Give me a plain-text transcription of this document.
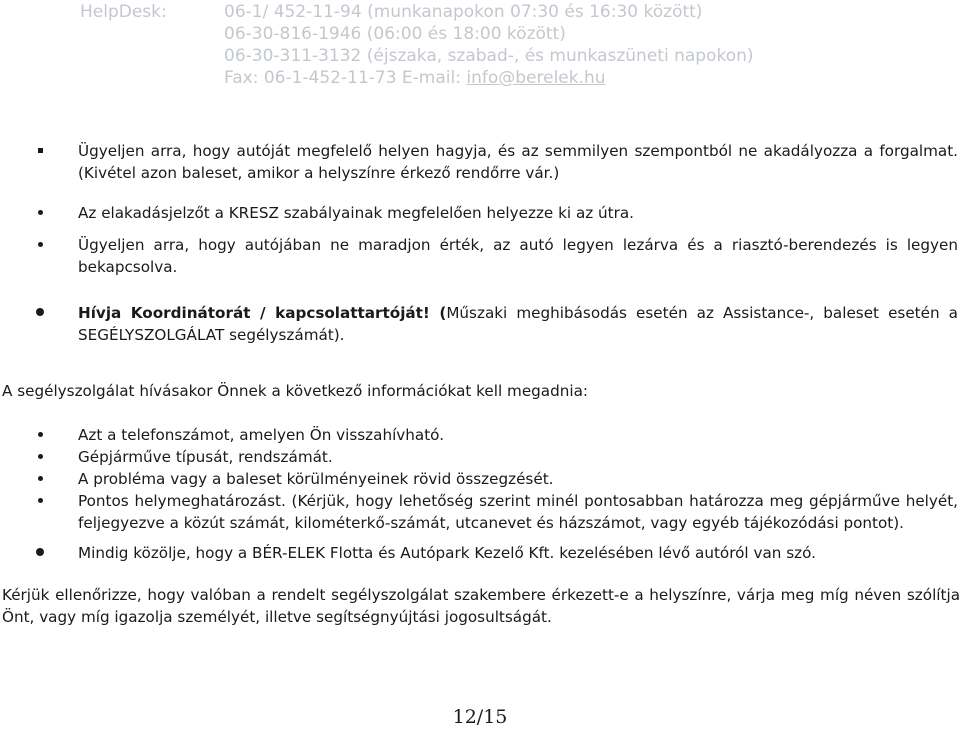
HelpDesk:	06-1/ 452-11-94 (munkanapokon 07:30 és 16:30 között)
06-30-816-1946 (06:00 és 18:00 között)
06-30-311-3132 (éjszaka, szabad-, és munkaszüneti napokon)
Fax: 06-1-452-11-73 E-mail: info@berelek.hu
Ügyeljen arra, hogy autóját megfelelő helyen hagyja, és az semmilyen szempontból ne akadályozza a forgalmat. (Kivétel azon baleset, amikor a helyszínre érkező rendőrre vár.)
Az elakadásjelzőt a KRESZ szabályainak megfelelően helyezze ki az útra.
Ügyeljen arra, hogy autójában ne maradjon érték, az autó legyen lezárva és a riasztó-berendezés is legyen bekapcsolva.
Hívja Koordinátorát / kapcsolattartóját! (Műszaki meghibásodás esetén az Assistance-, baleset esetén a SEGÉLYSZOLGÁLAT segélyszámát).
A segélyszolgálat hívásakor Önnek a következő információkat kell megadnia:
Azt a telefonszámot, amelyen Ön visszahívható.
Gépjárműve típusát, rendszámát.
A probléma vagy a baleset körülményeinek rövid összegzését.
Pontos helymeghatározást. (Kérjük, hogy lehetőség szerint minél pontosabban határozza meg gépjárműve helyét, feljegyezve a közút számát, kilométerkő-számát, utcanevet és házszámot, vagy egyéb tájékozódási pontot).
Mindig közölje, hogy a BÉR-ELEK Flotta és Autópark Kezelő Kft. kezelésében lévő autóról van szó.
Kérjük ellenőrizze, hogy valóban a rendelt segélyszolgálat szakembere érkezett-e a helyszínre, várja meg míg néven szólítja Önt, vagy míg igazolja személyét, illetve segítségnyújtási jogosultságát.
12/15
